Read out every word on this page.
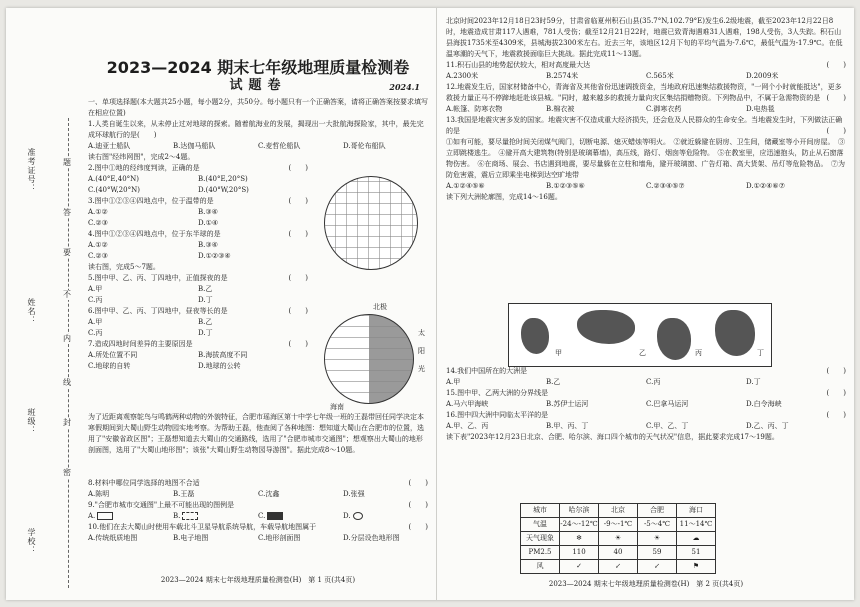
准考证号：
姓名：
班级：
学校：
题
答
要
不
内
线
封
密
2023—2024 期末七年级地理质量检测卷
试题卷	2024.1
一、单项选择题(本大题共25小题，每小题2分，共50分。每小题只有一个正确答案，请将正确答案按要求填写在相应位置)
1.人类自诞生以来，从未停止过对地球的探索。随着航海业的发展，揭现出一大批航海探险家，其中，最先完成环球航行的是(　　)
A.迪亚士船队	B.达伽马船队	C.麦哲伦船队	D.哥伦布船队
读右图"经纬网图"，完成2～4题。
2.图中①地的经纬度判读，正确的是	(　　)
A.(40°E,40°N)	B.(40°E,20°S)
C.(40°W,20°N)	D.(40°W,20°S)
3.图中①②③④四地点中，位于温带的是	(　　)
A.①②	B.③④
C.②③	D.①④
4.图中①②③④四地点中，位于东半球的是	(　　)
A.①②	B.③④
C.②③	D.①②③④
读右图，完成5～7题。
5.图中甲、乙、丙、丁四地中，正值探夜的是	(　　)
A.甲	B.乙
C.丙	D.丁
6.图中甲、乙、丙、丁四地中，昼夜等长的是	(　　)
A.甲	B.乙
C.丙	D.丁
7.造成四地时间差异的主要原因是	(　　)
A.所处位置不同	B.海拔高度不同
C.地球的自转	D.地球的公转
北极
太
阳
光
海南
为了近距离观察鸵鸟与鸣鹤两种动物的外貌特征，合肥市瑶海区第十中学七年级一班的王磊带回任同学决定本寒假期间到大蜀山野生动物园实地考察。为帮助王磊，他查阅了各种地图：想知道大蜀山在合肥市的位置，选用了"安徽省政区图"；王磊想知道去大蜀山的交通路线，选用了"合肥市城市交通图"；想观察出大蜀山的地形剖面图，选用了"大蜀山地形图"；该张"大蜀山野生动物园导游图"。据此完成8～10题。
8.材料中哪位同学选择的地图不合适	(　　)
A.陈明	B.王磊	C.沈鑫	D.张强
9."合肥市城市交通图"上最不可能出现的图例是	(　　)
A.	B.	C.	D.
10.他们在去大蜀山时使用车载北斗卫星导航系统导航，车载导航地图属于	(　　)
A.传统纸质地图	B.电子地图	C.地形剖面图	D.分层设色地形图
2023—2024 期末七年级地理质量检测卷(H)　第 1 页(共4页)
北京时间2023年12月18日23时59分，甘肃省临夏州积石山县(35.7°N,102.79°E)发生6.2级地震，截至2023年12月22日8时，地震造成甘肃117人遇难，781人受伤；截至12月21日22时，地震已致青海遇难31人遇难，198人受伤，3人失踪。积石山县海拔1735米至4309米，县城海拔2300米左右。近去三年，该地区12月下旬的平均气温为-7.6℃，最低气温为-17.9℃。在低温寒潮的天气下，地震救援面临巨大挑战。据此完成11～13题。
11.积石山县的地势起伏较大，相对高度最大达	(　　)
A.2300米	B.2574米	C.565米	D.2009米
12.地震发生后，国家材储备中心，青海省及其他省份迅速调拨资金，当地政府迅速集结救援物资，"一网个小时就能抵达"，更多救援力量正马不停蹄地赶赴该县城。"同时，越来越多的救援力量向灾区集结捐赠物资。下列物品中，不属于急需物资的是 (　　)
A.帐篷、防寒衣物	B.棉衣被	C.御寒衣药	D.电热毯
13.我国是地震灾害多发的国家。地震灾害不仅造成重大经济损失，还会危及人民群众的生命安全。当地震发生时，下列做法正确的是	(　　)
①如有可能，要尽量抢时间关闭煤气阀门，切断电源、熄灭蜡烛等明火。　②就近躲避在厨房、卫生间，储藏室等小开间房屋。　③立即跳楼逃生。　④避开高大建筑物(特别是玻璃幕墙)，高压线，路灯、烟囱等危险物。　⑤在教室里，应迅速抱头，防止从石窗落物伤害。　⑥在商场、展会、书店遇到地震，要尽量躲在立柱和墙角，避开玻璃窗、广告灯箱、高大货架、吊灯等危险物品。　⑦为防危害震，震后立即乘坐电梯到达空旷地带
A.①②④⑤⑥	B.①②③⑤⑥	C.②③④⑤⑦	D.①②④⑥⑦
读下列大洲轮廓图，完成14～16题。
甲	乙	丙	丁
14.我们中国所在的大洲是	(　　)
A.甲	B.乙	C.丙	D.丁
15.图中甲、乙两大洲的分界线是	(　　)
A.马六甲海峡	B.苏伊士运河	C.巴拿马运河	D.白令海峡
16.图中四大洲中同临太平洋的是	(　　)
A.甲、乙、丙	B.甲、丙、丁	C.甲、乙、丁	D.乙、丙、丁
读下表"2023年12月23日北京、合肥、哈尔滨、海口四个城市的天气状况"信息，据此要求完成17～19题。
城市	哈尔滨	北京	合肥	海口
气温	-24～-12℃	-9～-1℃	-5～4℃	11～14℃
天气现象	❄	☀	☀	☁
PM2.5	110	40	59	51
风	✓	↙	↙	⚑
2023—2024 期末七年级地理质量检测卷(H)　第 2 页(共4页)
